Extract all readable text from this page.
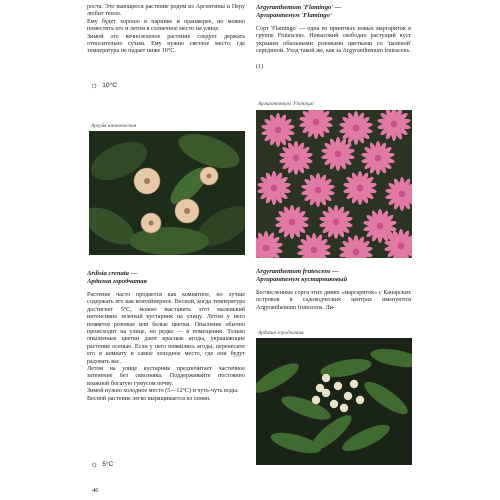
роста. Это выющееся растение родом из Аргентины и Перу любит тепло.

Ему будет хорошо в парнике и оранжерее, но можно поместить его и летом в солнечное место на улице.

Зимой это вечнозеленое растение следует держать относительно сухим. Ему нужно светлое место, где температура не падает ниже 10°С.

☼ 10°С
Арауйя шелконосная
Ardisia crenata —
Ардизия городчатая

Растение часто продается как комнатное, но лучше содержать его как контейнерное. Весной, когда температура достигнет 5°С, можно выставить этот маленький интенсивно зеленый кустарник на улицу. Летом у него появятся розовые или белые цветки. Опыление обычно происходит на улице, но редко — в помещении. Только опыленные цветки дают красные ягоды, украшающие растение осенью. Если у него появились ягоды, перенесите его в комнату в самое холодное место, где они будут радовать вас.

Летом на улице кустарник предпочитает частичное затенение без сквозняка. Поддерживайте постоянно влажной богатую гумусом почву.

Зимой нужно холодное место (5—12°С) и чуть-чуть воды.

Весной растение легко выращивается из семян.

☼ 5°С
Argyranthemum 'Flamingo' —
Аргирантемум 'Flamingo'

Сорт 'Flamingo' — одна из приятных новых маргариток в группе Frutescens. Невысокий свободно растущий куст украшен обильными розовыми цветками со 'паленой' серединой. Уход такой же, как за Argyranthemum frutescens.

(1)

Аргирантемум 'Flamingo'
Argyranthemum frutescens —
Аргирантемум кустарниковый

Бесчисленные сорта этих диких «маргариток» с Канарских островов в садоводческих центрах именуются Argyranthemum frutescens. Ли-

Ардизия городчатая
46
